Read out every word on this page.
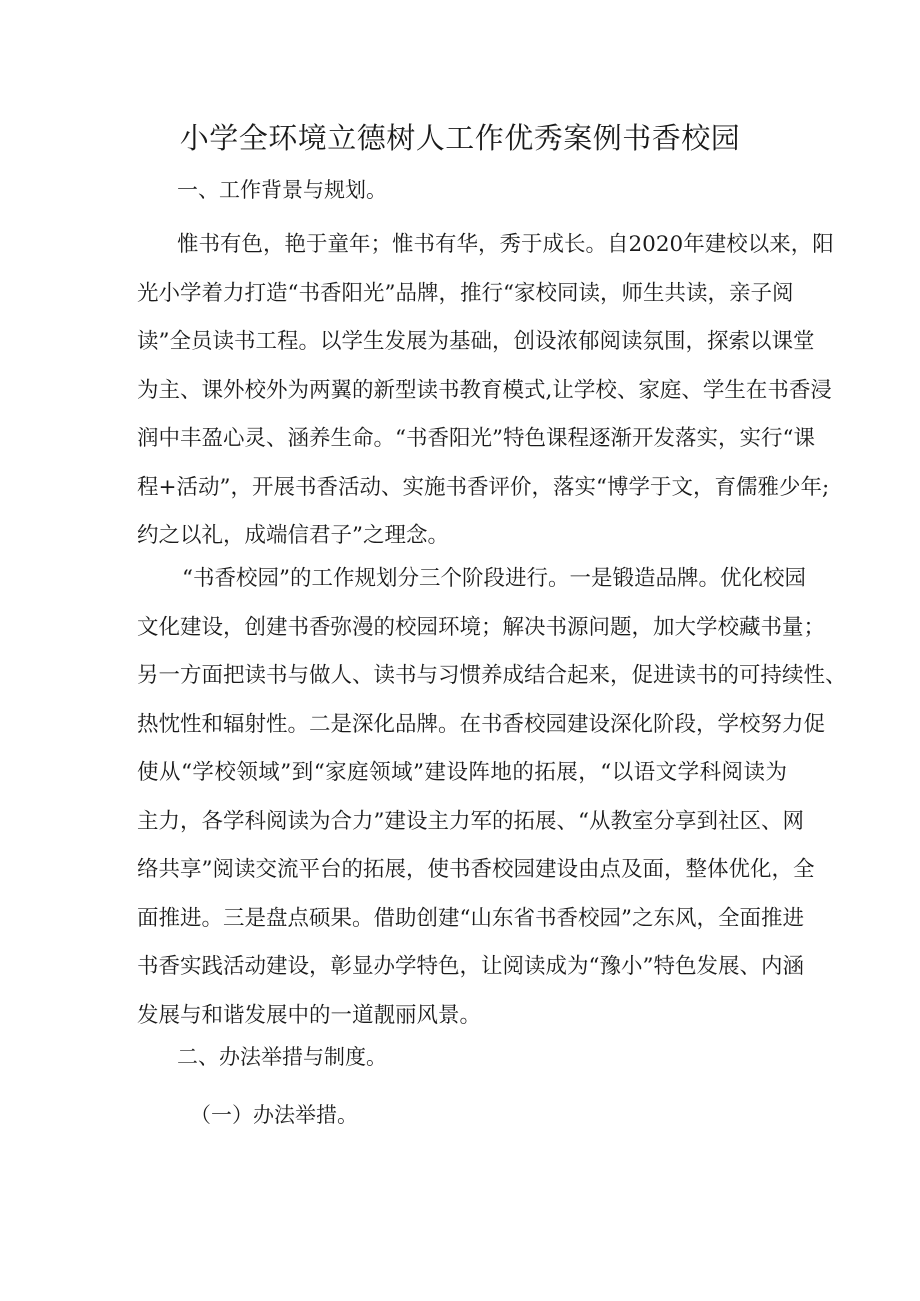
小学全环境立德树人工作优秀案例书香校园
一、工作背景与规划。
惟书有色，艳于童年；惟书有华，秀于成长。自2020年建校以来，阳
光小学着力打造“书香阳光”品牌，推行“家校同读，师生共读，亲子阅
读”全员读书工程。以学生发展为基础，创设浓郁阅读氛围，探索以课堂
为主、课外校外为两翼的新型读书教育模式,让学校、家庭、学生在书香浸
润中丰盈心灵、涵养生命。“书香阳光”特色课程逐渐开发落实，实行“课
程+活动”，开展书香活动、实施书香评价，落实“博学于文，育儒雅少年;
约之以礼，成端信君子”之理念。
“书香校园”的工作规划分三个阶段进行。一是锻造品牌。优化校园
文化建设，创建书香弥漫的校园环境；解决书源问题，加大学校藏书量；
另一方面把读书与做人、读书与习惯养成结合起来，促进读书的可持续性、
热忱性和辐射性。二是深化品牌。在书香校园建设深化阶段，学校努力促
使从“学校领域”到“家庭领域”建设阵地的拓展，“以语文学科阅读为
主力，各学科阅读为合力”建设主力军的拓展、“从教室分享到社区、网
络共享”阅读交流平台的拓展，使书香校园建设由点及面，整体优化，全
面推进。三是盘点硕果。借助创建“山东省书香校园”之东风，全面推进
书香实践活动建设，彰显办学特色，让阅读成为“豫小”特色发展、内涵
发展与和谐发展中的一道靓丽风景。
二、办法举措与制度。
（一）办法举措。
